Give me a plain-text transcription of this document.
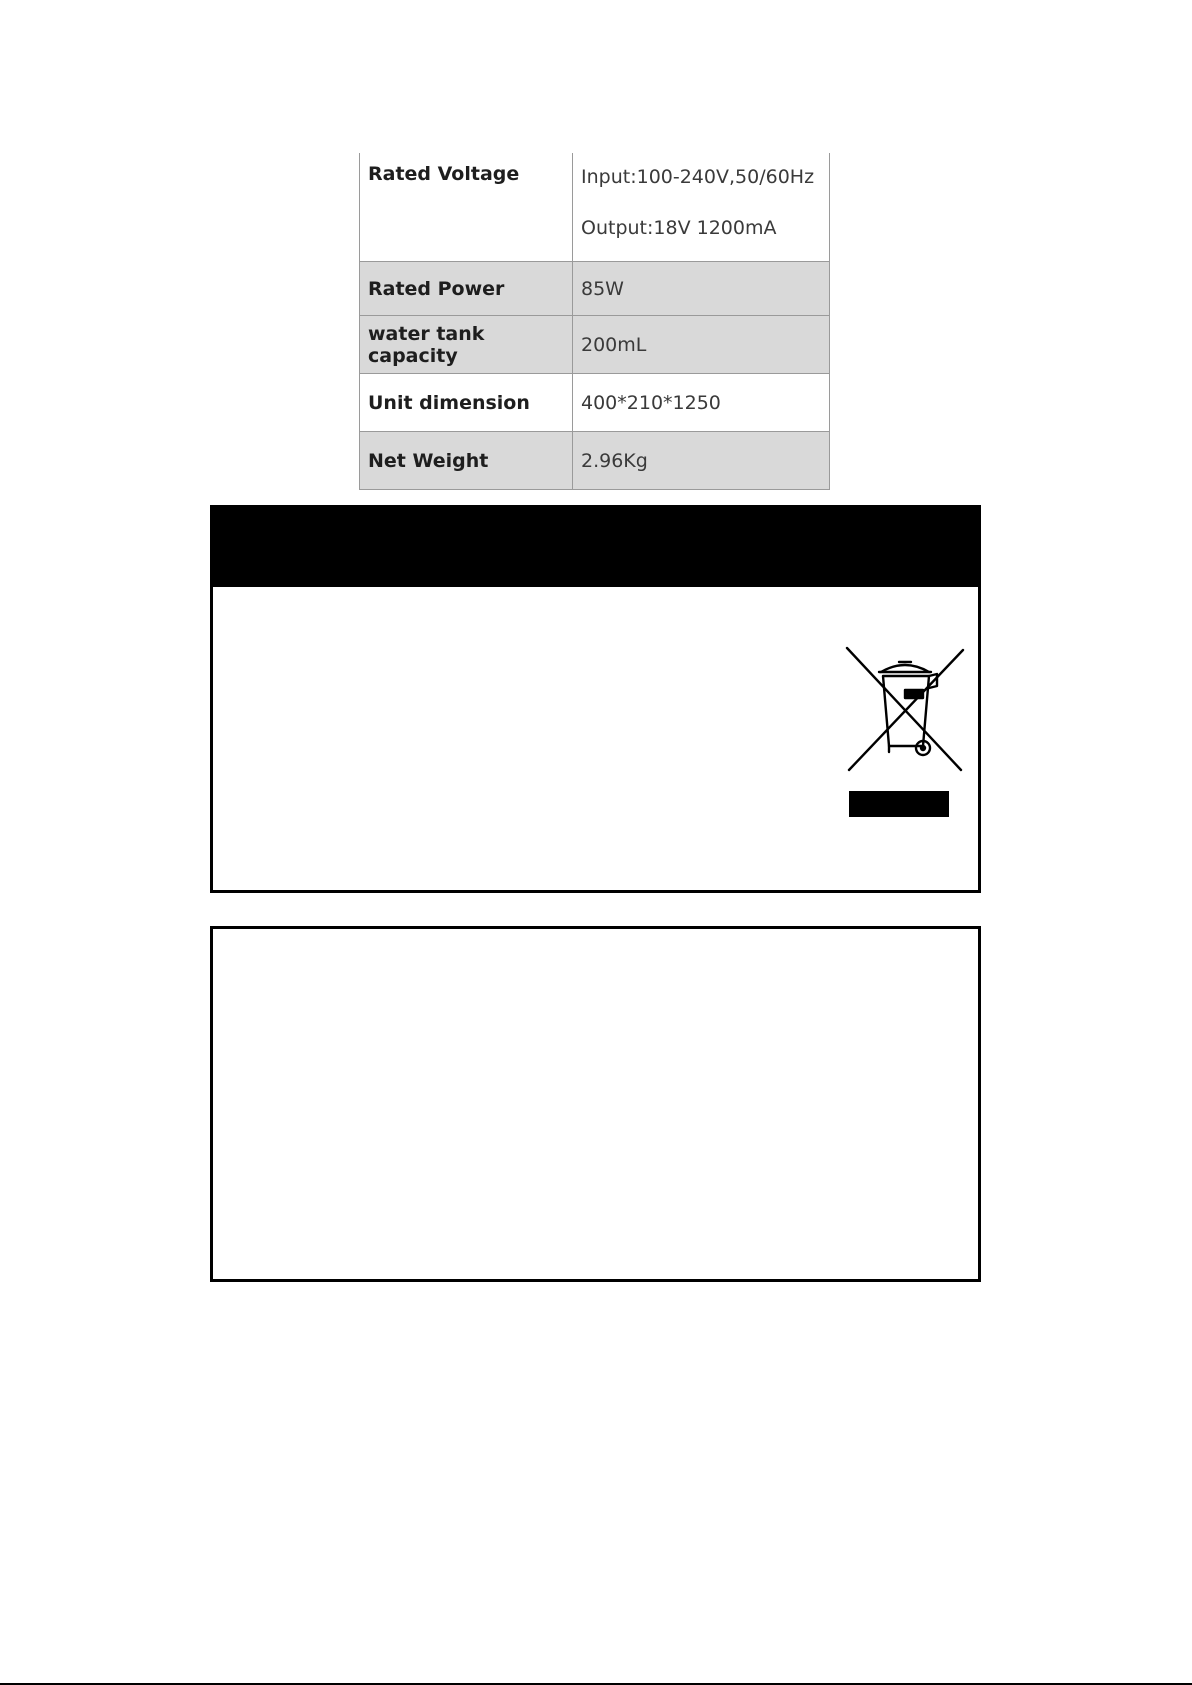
Rated Voltage	Input:100-240V,50/60Hz
Output:18V 1200mA

Rated Power	85W
water tank capacity	200mL
Unit dimension	400*210*1250
Net Weight	2.96Kg
